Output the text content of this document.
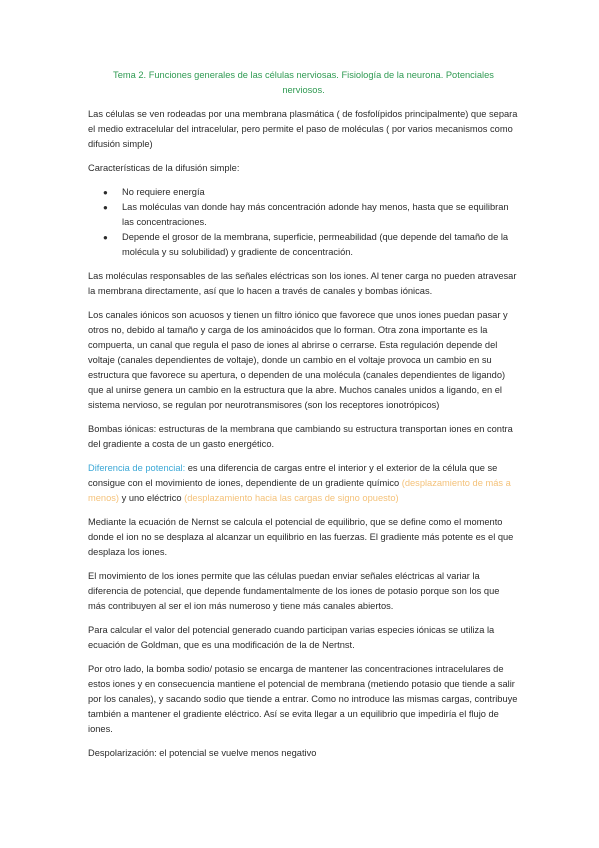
Tema 2. Funciones generales de las células nerviosas. Fisiología de la neurona. Potenciales nerviosos.

Las células se ven rodeadas por una membrana plasmática ( de fosfolípidos principalmente) que separa el medio extracelular del intracelular, pero permite el paso de moléculas ( por varios mecanismos como difusión simple)

Características de la difusión simple:

● No requiere energía
● Las moléculas van donde hay más concentración adonde hay menos, hasta que se equilibran las concentraciones.
● Depende el grosor de la membrana, superficie, permeabilidad (que depende del tamaño de la molécula y su solubilidad) y gradiente de concentración.

Las moléculas responsables de las señales eléctricas son los iones. Al tener carga no pueden atravesar la membrana directamente, así que lo hacen a través de canales y bombas iónicas.

Los canales iónicos son acuosos y tienen un filtro iónico que favorece que unos iones puedan pasar y otros no, debido al tamaño y carga de los aminoácidos que lo forman. Otra zona importante es la compuerta, un canal que regula el paso de iones al abrirse o cerrarse. Esta regulación depende del voltaje (canales dependientes de voltaje), donde un cambio en el voltaje provoca un cambio en su estructura que favorece su apertura, o dependen de una molécula (canales dependientes de ligando) que al unirse genera un cambio en la estructura que la abre. Muchos canales unidos a ligando, en el sistema nervioso, se regulan por neurotransmisores (son los receptores ionotrópicos)

Bombas iónicas: estructuras de la membrana que cambiando su estructura transportan iones en contra del gradiente a costa de un gasto energético.

Diferencia de potencial: es una diferencia de cargas entre el interior y el exterior de la célula que se consigue con el movimiento de iones, dependiente de un gradiente químico (desplazamiento de más a menos) y uno eléctrico (desplazamiento hacia las cargas de signo opuesto)

Mediante la ecuación de Nernst se calcula el potencial de equilibrio, que se define como el momento donde el ion no se desplaza al alcanzar un equilibrio en las fuerzas. El gradiente más potente es el que desplaza los iones.

El movimiento de los iones permite que las células puedan enviar señales eléctricas al variar la diferencia de potencial, que depende fundamentalmente de los iones de potasio porque son los que más contribuyen al ser el ion más numeroso y tiene más canales abiertos.

Para calcular el valor del potencial generado cuando participan varias especies iónicas se utiliza la ecuación de Goldman, que es una modificación de la de Nertnst.

Por otro lado, la bomba sodio/ potasio se encarga de mantener las concentraciones intracelulares de estos iones y en consecuencia mantiene el potencial de membrana (metiendo potasio que tiende a salir por los canales), y sacando sodio que tiende a entrar. Como no introduce las mismas cargas, contribuye también a mantener el gradiente eléctrico. Así se evita llegar a un equilibrio que impediría el flujo de iones.

Despolarización: el potencial se vuelve menos negativo
